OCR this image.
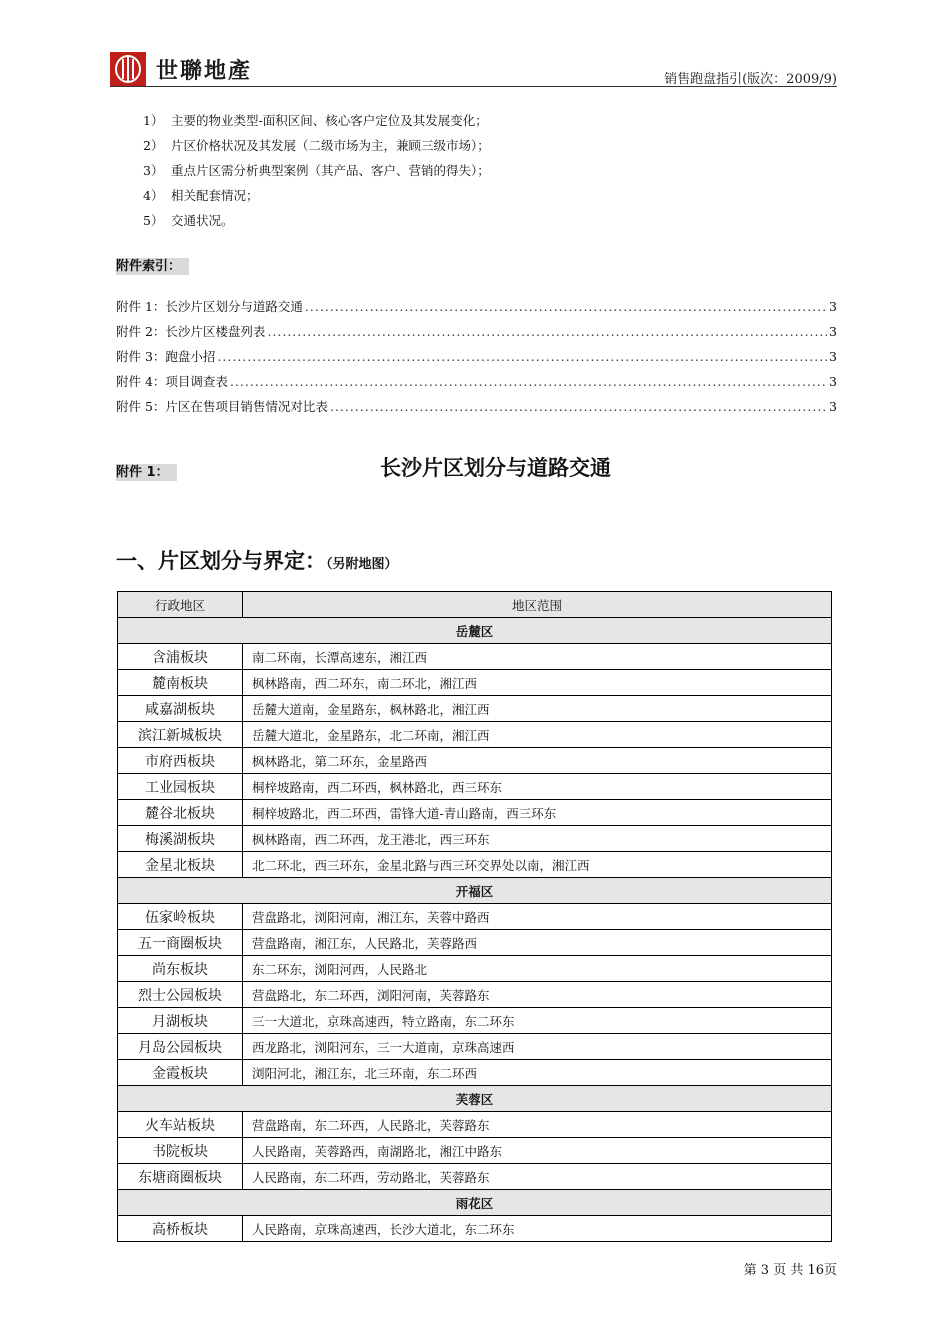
世聯地產	销售跑盘指引(版次：2009/9)
1） 主要的物业类型-面积区间、核心客户定位及其发展变化；
2） 片区价格状况及其发展（二级市场为主，兼顾三级市场）；
3） 重点片区需分析典型案例（其产品、客户、营销的得失）；
4） 相关配套情况；
5） 交通状况。
附件索引：
附件 1：长沙片区划分与道路交通 .....	3
附件 2：长沙片区楼盘列表 .....	3
附件 3：跑盘小招 .....	3
附件 4：项目调查表 .....	3
附件 5：片区在售项目销售情况对比表 .....	3
附件 1：	长沙片区划分与道路交通
一、片区划分与界定：（另附地图）
行政地区	地区范围
岳麓区	
含浦板块	南二环南，长潭高速东，湘江西
麓南板块	枫林路南，西二环东，南二环北，湘江西
咸嘉湖板块	岳麓大道南，金星路东，枫林路北，湘江西
滨江新城板块	岳麓大道北，金星路东，北二环南，湘江西
市府西板块	枫林路北，第二环东，金星路西
工业园板块	桐梓坡路南，西二环西，枫林路北，西三环东
麓谷北板块	桐梓坡路北，西二环西，雷锋大道-青山路南，西三环东
梅溪湖板块	枫林路南，西二环西，龙王港北，西三环东
金星北板块	北二环北，西三环东，金星北路与西三环交界处以南，湘江西
开福区	
伍家岭板块	营盘路北，浏阳河南，湘江东，芙蓉中路西
五一商圈板块	营盘路南，湘江东，人民路北，芙蓉路西
尚东板块	东二环东，浏阳河西，人民路北
烈士公园板块	营盘路北，东二环西，浏阳河南，芙蓉路东
月湖板块	三一大道北，京珠高速西，特立路南，东二环东
月岛公园板块	西龙路北，浏阳河东，三一大道南，京珠高速西
金霞板块	浏阳河北，湘江东，北三环南，东二环西
芙蓉区	
火车站板块	营盘路南，东二环西，人民路北，芙蓉路东
书院板块	人民路南，芙蓉路西，南湖路北，湘江中路东
东塘商圈板块	人民路南，东二环西，劳动路北，芙蓉路东
雨花区	
高桥板块	人民路南，京珠高速西，长沙大道北，东二环东
第 3 页 共 16页
